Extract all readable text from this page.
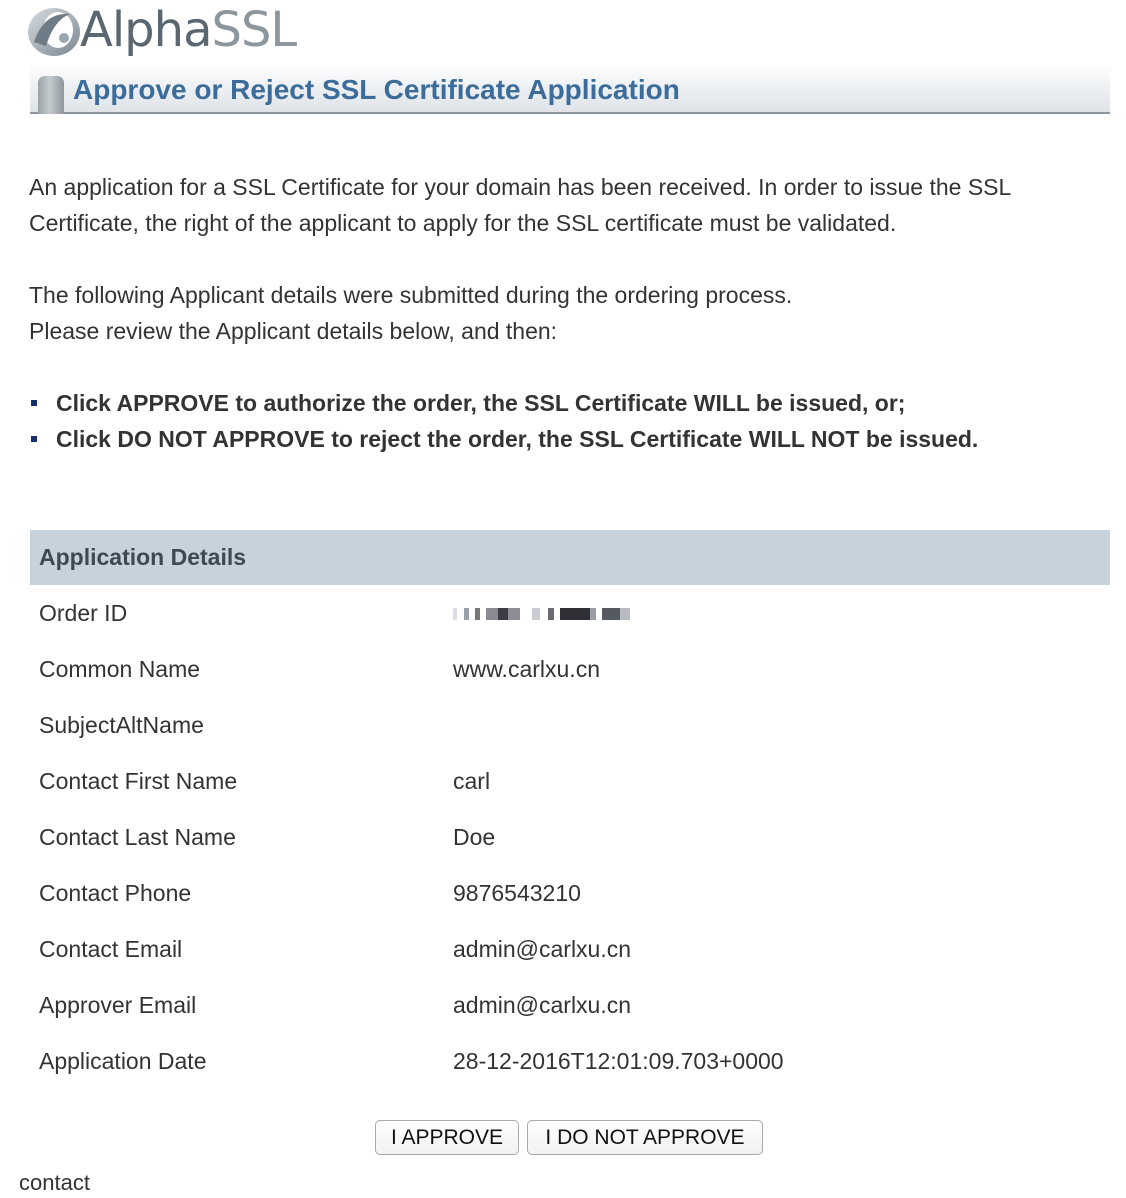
AlphaSSL
Approve or Reject SSL Certificate Application

An application for a SSL Certificate for your domain has been received. In order to issue the SSL Certificate, the right of the applicant to apply for the SSL certificate must be validated.

The following Applicant details were submitted during the ordering process.
Please review the Applicant details below, and then:
Click APPROVE to authorize the order, the SSL Certificate WILL be issued, or;
Click DO NOT APPROVE to reject the order, the SSL Certificate WILL NOT be issued.
Application Details
Order ID
Common Name	www.carlxu.cn
SubjectAltName
Contact First Name	carl
Contact Last Name	Doe
Contact Phone	9876543210
Contact Email	admin@carlxu.cn
Approver Email	admin@carlxu.cn
Application Date	28-12-2016T12:01:09.703+0000
I APPROVE	I DO NOT APPROVE
contact
